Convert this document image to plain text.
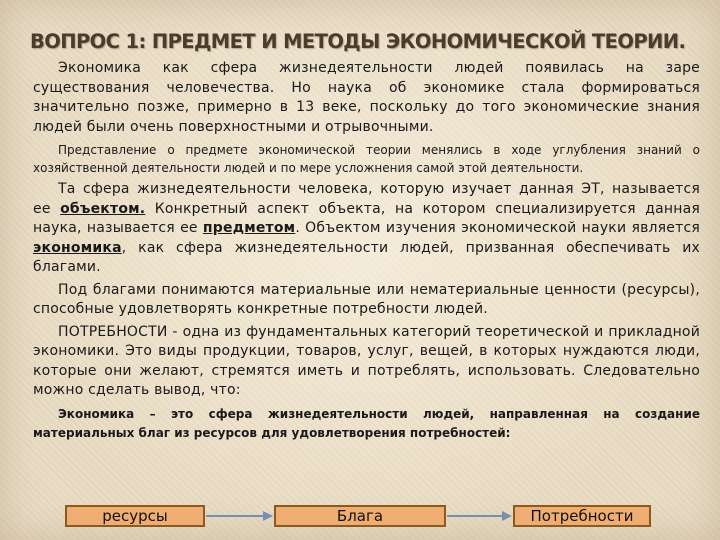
ВОПРОС 1: ПРЕДМЕТ И МЕТОДЫ ЭКОНОМИЧЕСКОЙ ТЕОРИИ.

Экономика как сфера жизнедеятельности людей появилась на заре существования человечества. Но наука об экономике стала формироваться значительно позже, примерно в 13 веке, поскольку до того экономические знания людей были очень поверхностными и отрывочными.

Представление о предмете экономической теории менялись в ходе углубления знаний о хозяйственной деятельности людей и по мере усложнения самой этой деятельности.

Та сфера жизнедеятельности человека, которую изучает данная ЭТ, называется ее объектом. Конкретный аспект объекта, на котором специализируется данная наука, называется ее предметом. Объектом изучения экономической науки является экономика, как сфера жизнедеятельности людей, призванная обеспечивать их благами.

Под благами понимаются материальные или нематериальные ценности (ресурсы), способные удовлетворять конкретные потребности людей.

ПОТРЕБНОСТИ - одна из фундаментальных категорий теоретической и прикладной экономики. Это виды продукции, товаров, услуг, вещей, в которых нуждаются люди, которые они желают, стремятся иметь и потреблять, использовать. Следовательно можно сделать вывод, что:

Экономика – это сфера жизнедеятельности людей, направленная на создание материальных благ из ресурсов для удовлетворения потребностей:

ресурсы	Блага	Потребности
